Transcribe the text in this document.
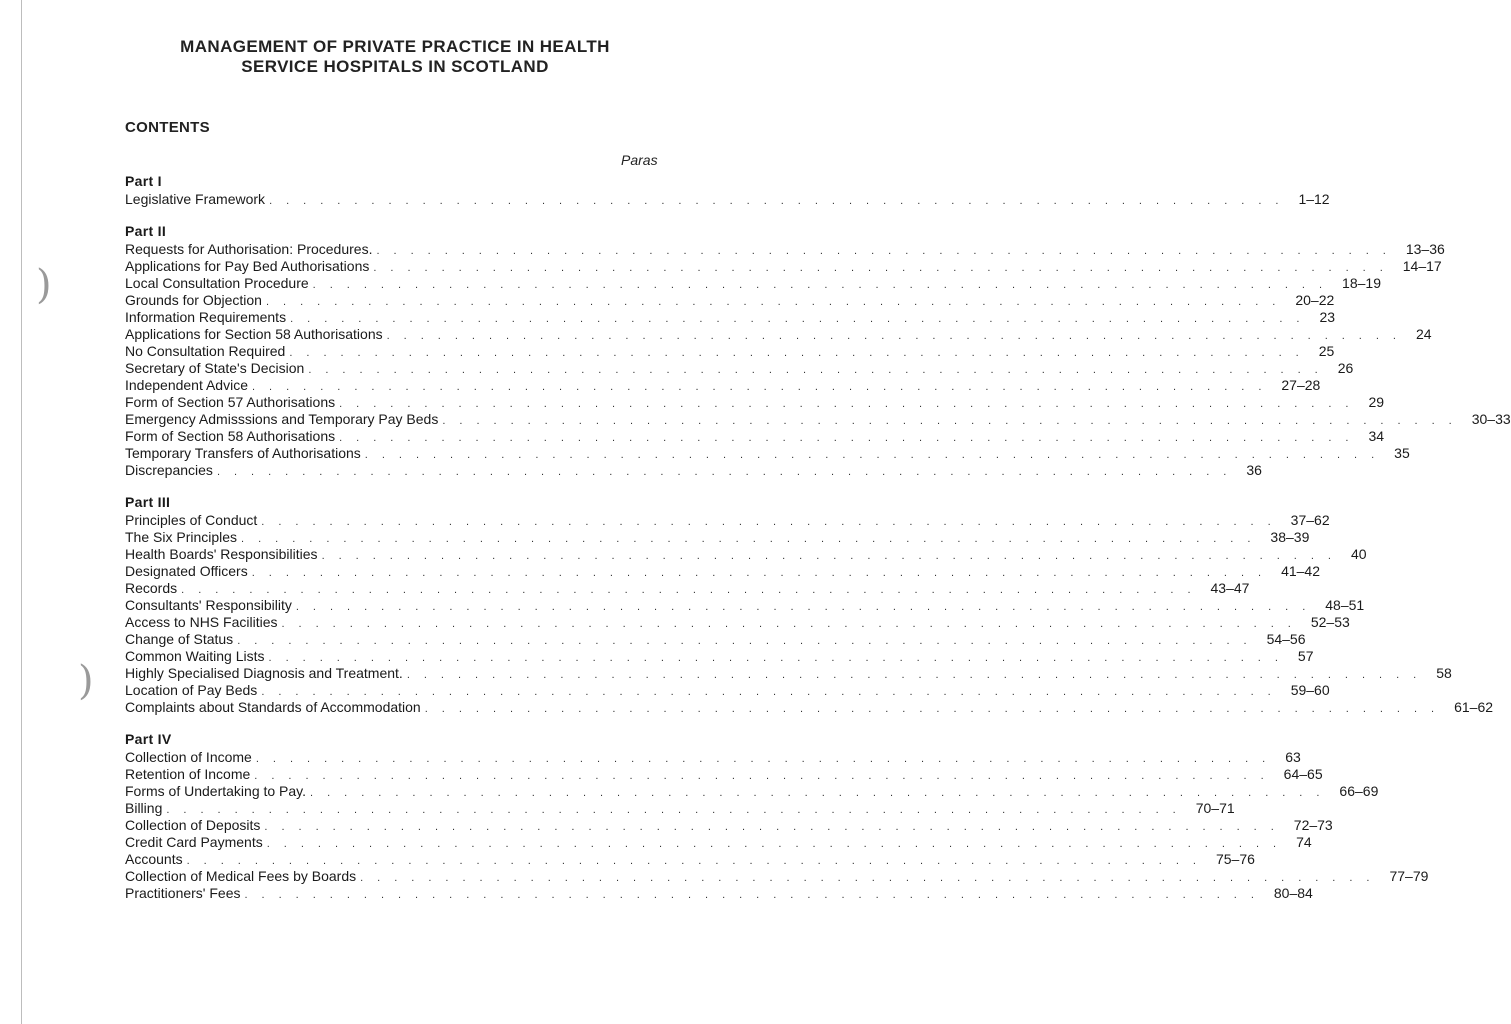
)
)
MANAGEMENT OF PRIVATE PRACTICE IN HEALTH
SERVICE HOSPITALS IN SCOTLAND
CONTENTS
Paras
Part I
Legislative Framework ............................................................ 1–12
Part II
Requests for Authorisation: Procedures. ............................................................ 13–36
Applications for Pay Bed Authorisations ............................................................ 14–17
Local Consultation Procedure ............................................................ 18–19
Grounds for Objection ............................................................ 20–22
Information Requirements ............................................................ 23
Applications for Section 58 Authorisations ............................................................ 24
No Consultation Required ............................................................ 25
Secretary of State's Decision ............................................................ 26
Independent Advice ............................................................ 27–28
Form of Section 57 Authorisations ............................................................ 29
Emergency Admisssions and Temporary Pay Beds ............................................................ 30–33
Form of Section 58 Authorisations ............................................................ 34
Temporary Transfers of Authorisations ............................................................ 35
Discrepancies ............................................................ 36
Part III
Principles of Conduct ............................................................ 37–62
The Six Principles ............................................................ 38–39
Health Boards' Responsibilities ............................................................ 40
Designated Officers ............................................................ 41–42
Records ............................................................ 43–47
Consultants' Responsibility ............................................................ 48–51
Access to NHS Facilities ............................................................ 52–53
Change of Status ............................................................ 54–56
Common Waiting Lists ............................................................ 57
Highly Specialised Diagnosis and Treatment. ............................................................ 58
Location of Pay Beds ............................................................ 59–60
Complaints about Standards of Accommodation ............................................................ 61–62
Part IV
Collection of Income ............................................................ 63
Retention of Income ............................................................ 64–65
Forms of Undertaking to Pay. ............................................................ 66–69
Billing ............................................................ 70–71
Collection of Deposits ............................................................ 72–73
Credit Card Payments ............................................................ 74
Accounts ............................................................ 75–76
Collection of Medical Fees by Boards ............................................................ 77–79
Practitioners' Fees ............................................................ 80–84
